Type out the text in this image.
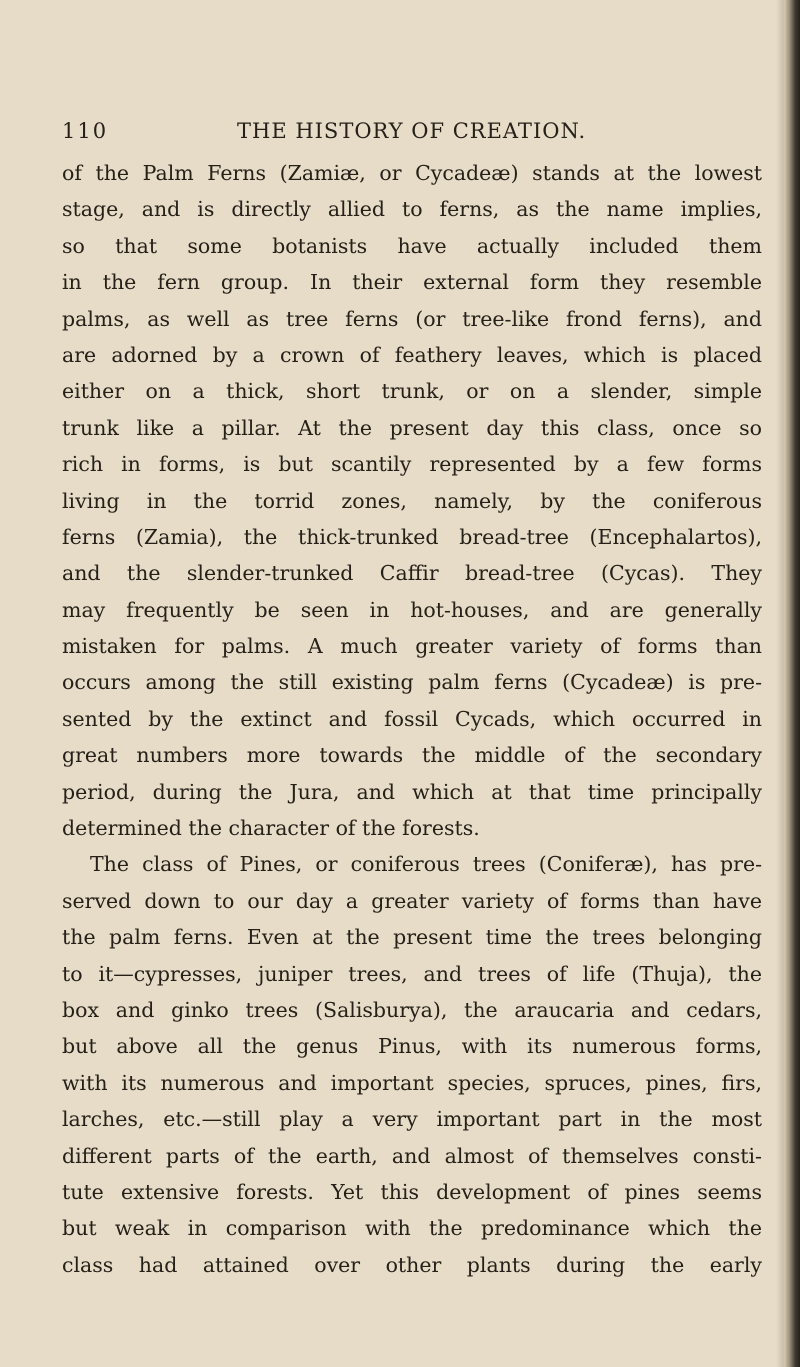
110	THE HISTORY OF CREATION.
of the Palm Ferns (Zamiæ, or Cycadeæ) stands at the lowest
stage, and is directly allied to ferns, as the name implies,
so that some botanists have actually included them
in the fern group. In their external form they resemble
palms, as well as tree ferns (or tree-like frond ferns), and
are adorned by a crown of feathery leaves, which is placed
either on a thick, short trunk, or on a slender, simple
trunk like a pillar. At the present day this class, once so
rich in forms, is but scantily represented by a few forms
living in the torrid zones, namely, by the coniferous
ferns (Zamia), the thick-trunked bread-tree (Encephalartos),
and the slender-trunked Caffir bread-tree (Cycas). They
may frequently be seen in hot-houses, and are generally
mistaken for palms. A much greater variety of forms than
occurs among the still existing palm ferns (Cycadeæ) is pre-
sented by the extinct and fossil Cycads, which occurred in
great numbers more towards the middle of the secondary
period, during the Jura, and which at that time principally
determined the character of the forests.
The class of Pines, or coniferous trees (Coniferæ), has pre-
served down to our day a greater variety of forms than have
the palm ferns. Even at the present time the trees belonging
to it—cypresses, juniper trees, and trees of life (Thuja), the
box and ginko trees (Salisburya), the araucaria and cedars,
but above all the genus Pinus, with its numerous forms,
with its numerous and important species, spruces, pines, firs,
larches, etc.—still play a very important part in the most
different parts of the earth, and almost of themselves consti-
tute extensive forests. Yet this development of pines seems
but weak in comparison with the predominance which the
class had attained over other plants during the early
